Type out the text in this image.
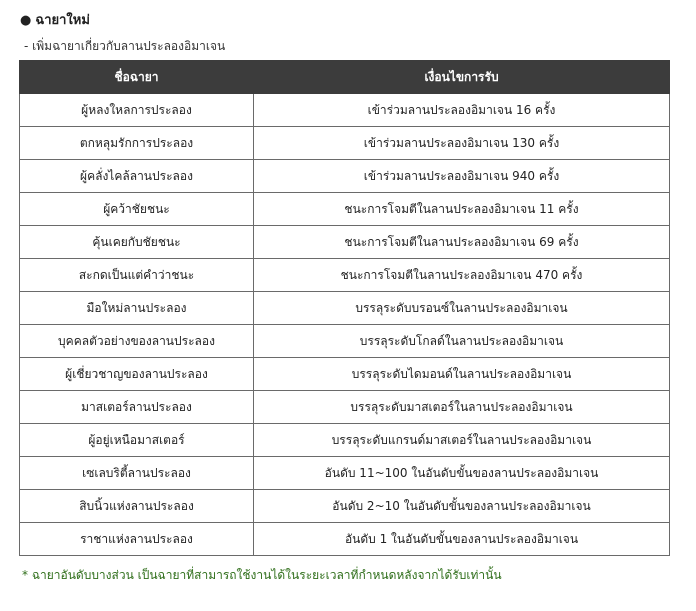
● ฉายาใหม่
- เพิ่มฉายาเกี่ยวกับลานประลองอิมาเจน
ชื่อฉายา	เงื่อนไขการรับ
ผู้หลงใหลการประลอง	เข้าร่วมลานประลองอิมาเจน 16 ครั้ง
ตกหลุมรักการประลอง	เข้าร่วมลานประลองอิมาเจน 130 ครั้ง
ผู้คลั่งไคล้ลานประลอง	เข้าร่วมลานประลองอิมาเจน 940 ครั้ง
ผู้คว้าชัยชนะ	ชนะการโจมตีในลานประลองอิมาเจน 11 ครั้ง
คุ้นเคยกับชัยชนะ	ชนะการโจมตีในลานประลองอิมาเจน 69 ครั้ง
สะกดเป็นแต่คำว่าชนะ	ชนะการโจมตีในลานประลองอิมาเจน 470 ครั้ง
มือใหม่ลานประลอง	บรรลุระดับบรอนซ์ในลานประลองอิมาเจน
บุคคลตัวอย่างของลานประลอง	บรรลุระดับโกลด์ในลานประลองอิมาเจน
ผู้เชี่ยวชาญของลานประลอง	บรรลุระดับไดมอนด์ในลานประลองอิมาเจน
มาสเตอร์ลานประลอง	บรรลุระดับมาสเตอร์ในลานประลองอิมาเจน
ผู้อยู่เหนือมาสเตอร์	บรรลุระดับแกรนด์มาสเตอร์ในลานประลองอิมาเจน
เซเลบริตี้ลานประลอง	อันดับ 11~100 ในอันดับขั้นของลานประลองอิมาเจน
สิบนิ้วแห่งลานประลอง	อันดับ 2~10 ในอันดับขั้นของลานประลองอิมาเจน
ราชาแห่งลานประลอง	อันดับ 1 ในอันดับขั้นของลานประลองอิมาเจน
* ฉายาอันดับบางส่วน เป็นฉายาที่สามารถใช้งานได้ในระยะเวลาที่กำหนดหลังจากได้รับเท่านั้น
